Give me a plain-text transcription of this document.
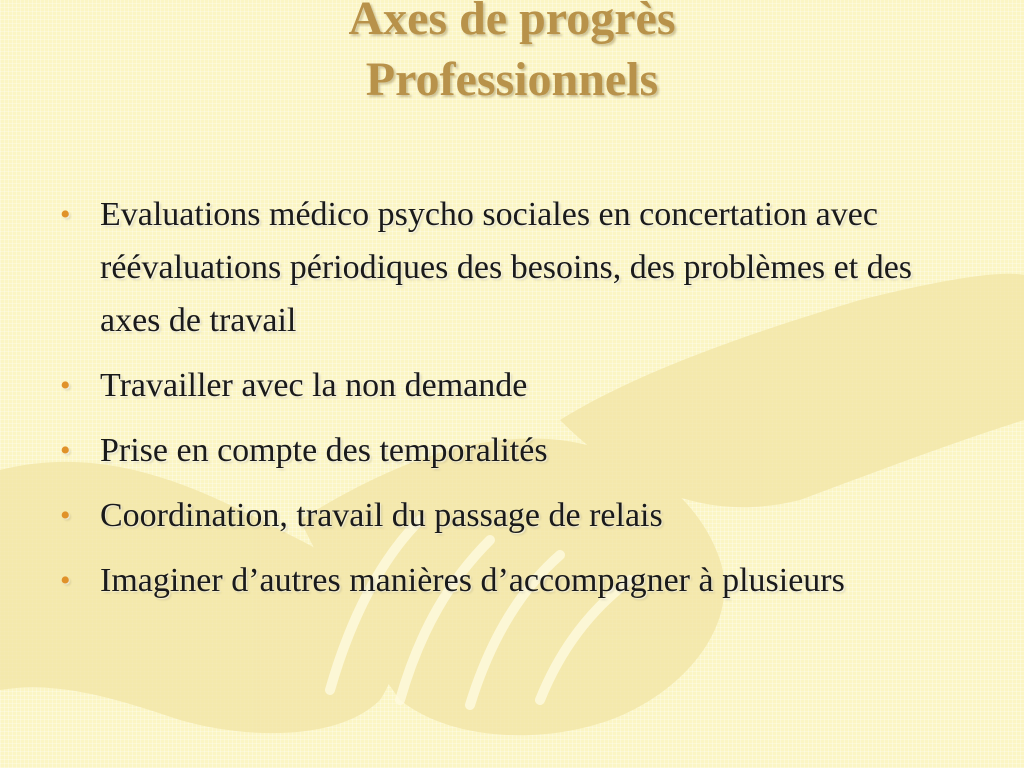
Axes de progrès
Professionnels
• Evaluations médico psycho sociales en concertation avec réévaluations périodiques des besoins, des problèmes et des axes de travail
• Travailler avec la non demande
• Prise en compte des temporalités
• Coordination, travail du passage de relais
• Imaginer d’autres manières d’accompagner à plusieurs
